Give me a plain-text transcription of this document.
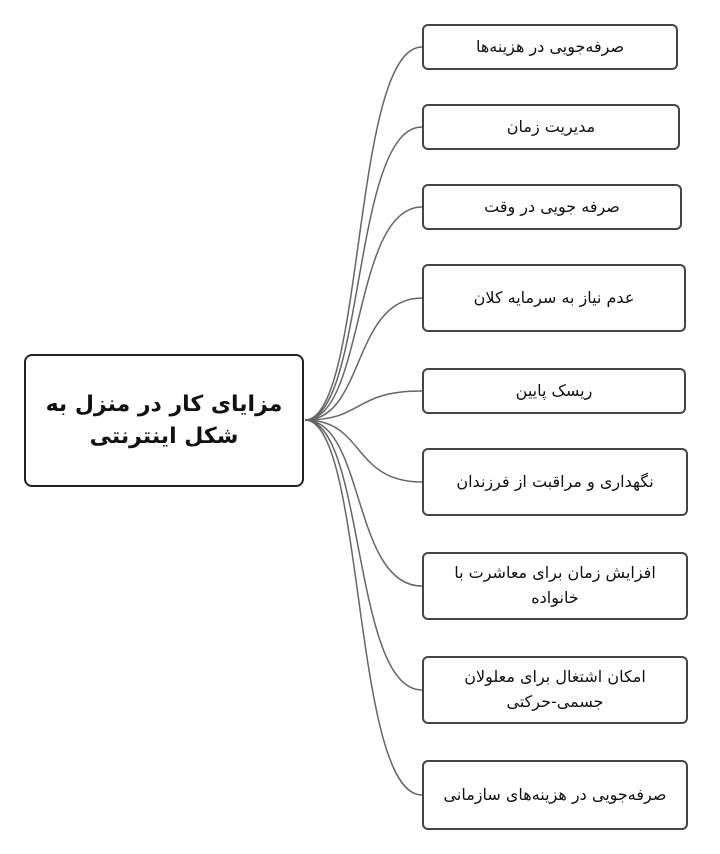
مزایای کار در منزل به شکل اینترنتی
صرفه‌جویی در هزینه‌ها
مدیریت زمان
صرفه جویی در وقت
عدم نیاز به سرمایه کلان
ریسک پایین
نگهداری و مراقبت از فرزندان
افزایش زمان برای معاشرت با خانواده
امکان اشتغال برای معلولان جسمی-حرکتی
صرفه‌جویی در هزینه‌های سازمانی
